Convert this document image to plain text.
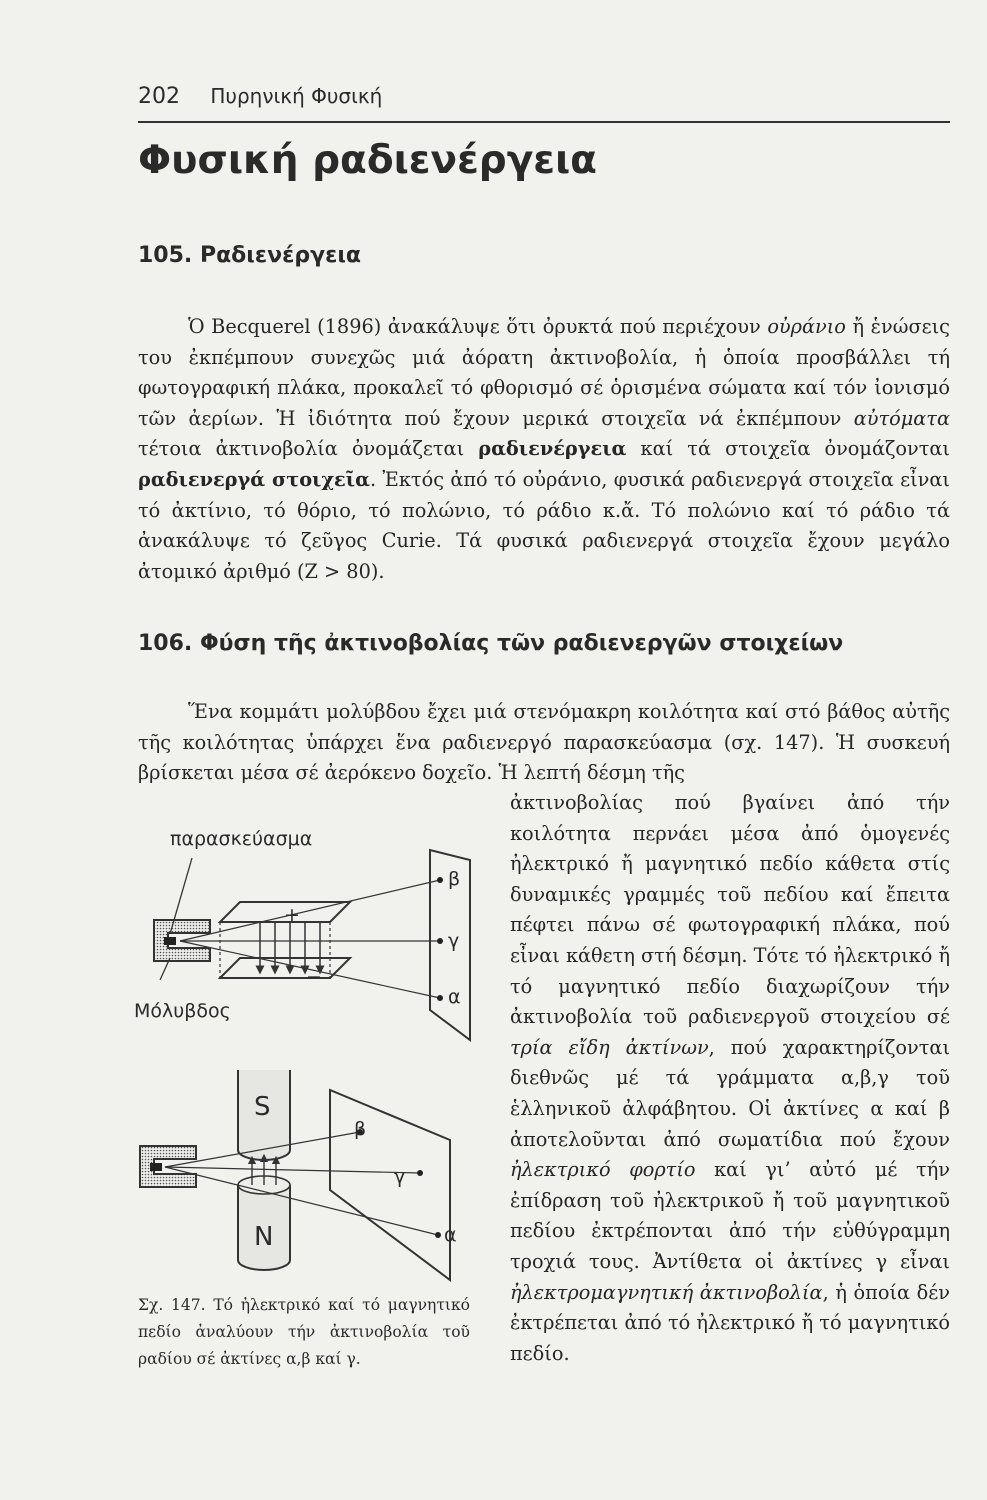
202 Πυρηνική Φυσική
Φυσική ραδιενέργεια
105. Ραδιενέργεια

Ὁ Becquerel (1896) ἀνακάλυψε ὅτι ὀρυκτά πού περιέχουν οὐράνιο ἤ ἑνώσεις του ἐκπέμπουν συνεχῶς μιά ἀόρατη ἀκτινοβολία, ἡ ὁποία προσβάλλει τή φωτογραφική πλάκα, προκαλεῖ τό φθορισμό σέ ὁρισμένα σώματα καί τόν ἰονισμό τῶν ἀερίων. Ἡ ἰδιότητα πού ἔχουν μερικά στοιχεῖα νά ἐκπέμπουν αὐτόματα τέτοια ἀκτινοβολία ὀνομάζεται ραδιενέργεια καί τά στοιχεῖα ὀνομάζονται ραδιενεργά στοιχεῖα. Ἐκτός ἀπό τό οὐράνιο, φυσικά ραδιενεργά στοιχεῖα εἶναι τό ἀκτίνιο, τό θόριο, τό πολώνιο, τό ράδιο κ.ἄ. Τό πολώνιο καί τό ράδιο τά ἀνακάλυψε τό ζεῦγος Curie. Τά φυσικά ραδιενεργά στοιχεῖα ἔχουν μεγάλο ἀτομικό ἀριθμό (Z > 80).

106. Φύση τῆς ἀκτινοβολίας τῶν ραδιενεργῶν στοιχείων

Ἕνα κομμάτι μολύβδου ἔχει μιά στενόμακρη κοιλότητα καί στό βάθος αὐτῆς τῆς κοιλότητας ὑπάρχει ἕνα ραδιενεργό παρασκεύασμα (σχ. 147). Ἡ συσκευή βρίσκεται μέσα σέ ἀερόκενο δοχεῖο. Ἡ λεπτή δέσμη τῆς

ἀκτινοβολίας πού βγαίνει ἀπό τήν κοιλότητα περνάει μέσα ἀπό ὁμογενές ἠλεκτρικό ἤ μαγνητικό πεδίο κάθετα στίς δυναμικές γραμμές τοῦ πεδίου καί ἔπειτα πέφτει πάνω σέ φωτογραφική πλάκα, πού εἶναι κάθετη στή δέσμη. Τότε τό ἠλεκτρικό ἤ τό μαγνητικό πεδίο διαχωρίζουν τήν ἀκτινοβολία τοῦ ραδιενεργοῦ στοιχείου σέ τρία εἴδη ἀκτίνων, πού χαρακτηρίζονται διεθνῶς μέ τά γράμματα α,β,γ τοῦ ἑλληνικοῦ ἀλφάβητου. Οἱ ἀκτίνες α καί β ἀποτελοῦνται ἀπό σωματίδια πού ἔχουν ἠλεκτρικό φορτίο καί γι’ αὐτό μέ τήν ἐπίδραση τοῦ ἠλεκτρικοῦ ἤ τοῦ μαγνητικοῦ πεδίου ἐκτρέπονται ἀπό τήν εὐθύγραμμη τροχιά τους. Ἀντίθετα οἱ ἀκτίνες γ εἶναι ἠλεκτρομαγνητική ἀκτινοβολία, ἡ ὁποία δέν ἐκτρέπεται ἀπό τό ἠλεκτρικό ἤ τό μαγνητικό πεδίο.

παρασκεύασμα
Μόλυβδος
β
γ
α
+
−
S
N
β
γ
α

Σχ. 147. Τό ἠλεκτρικό καί τό μαγνητικό πεδίο ἀναλύουν τήν ἀκτινοβολία τοῦ ραδίου σέ ἀκτίνες α,β καί γ.
